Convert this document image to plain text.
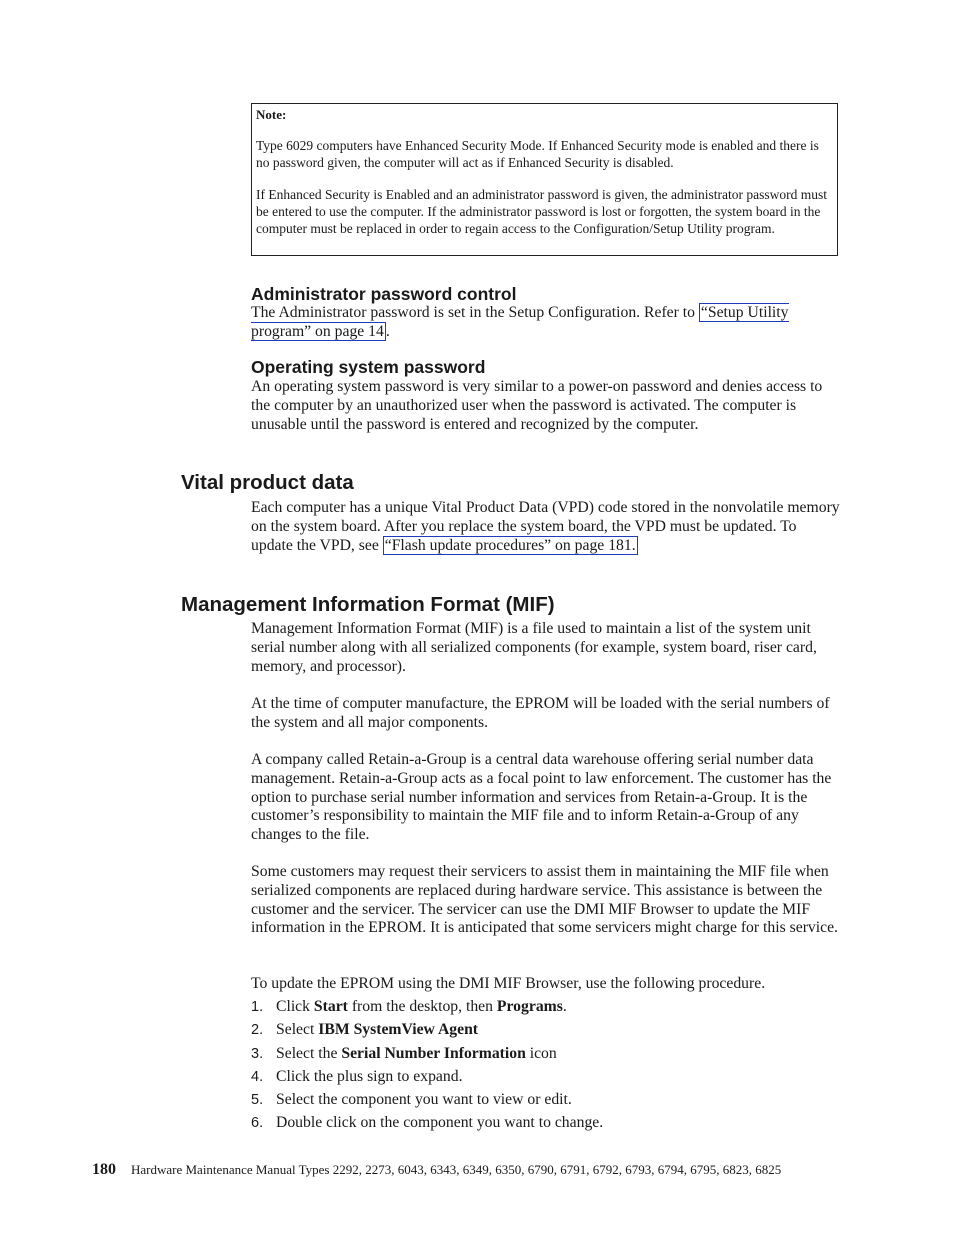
Note:

Type 6029 computers have Enhanced Security Mode. If Enhanced Security mode is enabled and there is no password given, the computer will act as if Enhanced Security is disabled.

If Enhanced Security is Enabled and an administrator password is given, the administrator password must be entered to use the computer. If the administrator password is lost or forgotten, the system board in the computer must be replaced in order to regain access to the Configuration/Setup Utility program.

Administrator password control

The Administrator password is set in the Setup Configuration. Refer to “Setup Utility program” on page 14 .

Operating system password

An operating system password is very similar to a power-on password and denies access to the computer by an unauthorized user when the password is activated. The computer is unusable until the password is entered and recognized by the computer.

Vital product data

Each computer has a unique Vital Product Data (VPD) code stored in the nonvolatile memory on the system board. After you replace the system board, the VPD must be updated. To update the VPD, see “Flash update procedures” on page 181.

Management Information Format (MIF)

Management Information Format (MIF) is a file used to maintain a list of the system unit serial number along with all serialized components (for example, system board, riser card, memory, and processor).

At the time of computer manufacture, the EPROM will be loaded with the serial numbers of the system and all major components.

A company called Retain-a-Group is a central data warehouse offering serial number data management. Retain-a-Group acts as a focal point to law enforcement. The customer has the option to purchase serial number information and services from Retain-a-Group. It is the customer’s responsibility to maintain the MIF file and to inform Retain-a-Group of any changes to the file.

Some customers may request their servicers to assist them in maintaining the MIF file when serialized components are replaced during hardware service. This assistance is between the customer and the servicer. The servicer can use the DMI MIF Browser to update the MIF information in the EPROM. It is anticipated that some servicers might charge for this service.

To update the EPROM using the DMI MIF Browser, use the following procedure.

1. Click Start from the desktop, then Programs.
2. Select IBM SystemView Agent
3. Select the Serial Number Information icon
4. Click the plus sign to expand.
5. Select the component you want to view or edit.
6. Double click on the component you want to change.
180 Hardware Maintenance Manual Types 2292, 2273, 6043, 6343, 6349, 6350, 6790, 6791, 6792, 6793, 6794, 6795, 6823, 6825
